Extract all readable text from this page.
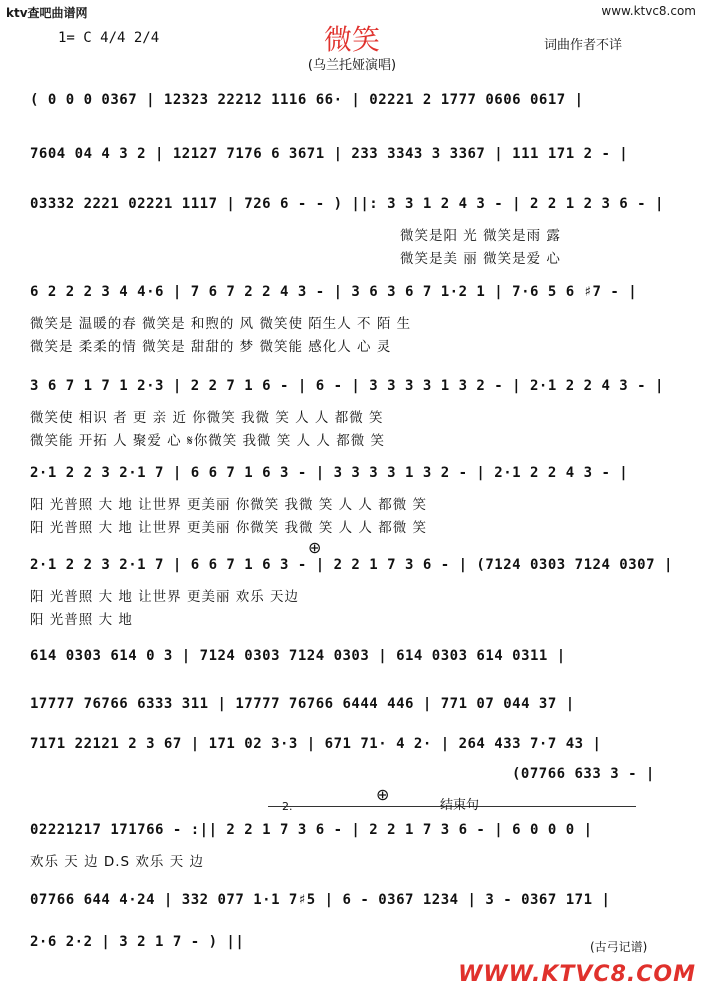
ktv查吧曲谱网	www.ktvc8.com
1= C 4/4 2/4	微笑
(乌兰托娅演唱)
词曲作者不详
( 0 0 0 0367 | 12323 22212 1116 66· | 02221 2 1777 0606 0617 |
7604 04 4 3 2 | 12127 7176 6 3671 | 233 3343 3 3367 | 111 171 2 - |
03332 2221 02221 1117 | 726 6 - - ) ||: 3 3 1 2 4 3 - | 2 2 1 2 3 6 - |
微笑是阳 光 微笑是雨 露
微笑是美 丽 微笑是爱 心
6 2 2 2 3 4 4·6 | 7 6 7 2 2 4 3 - | 3 6 3 6 7 1·2 1 | 7·6 5 6 ♯7 - |
微笑是 温暖的春 微笑是 和煦的 风 微笑使 陌生人 不 陌 生
微笑是 柔柔的情 微笑是 甜甜的 梦 微笑能 感化人 心 灵
3 6 7 1 7 1 2·3 | 2 2 7 1 6 - | 6 - | 3 3 3 3 1 3 2 - | 2·1 2 2 4 3 - |
微笑使 相识 者 更 亲 近 你微笑 我微 笑 人 人 都微 笑
微笑能 开拓 人 聚爱 心 𝄋你微笑 我微 笑 人 人 都微 笑
2·1 2 2 3 2·1 7 | 6 6 7 1 6 3 - | 3 3 3 3 1 3 2 - | 2·1 2 2 4 3 - |
阳 光普照 大 地 让世界 更美丽 你微笑 我微 笑 人 人 都微 笑
阳 光普照 大 地 让世界 更美丽 你微笑 我微 笑 人 人 都微 笑
2·1 2 2 3 2·1 7 | 6 6 7 1 6 3 - | 2 2 1 7 3 6 - | (7124 0303 7124 0307 |
阳 光普照 大 地 让世界 更美丽 欢乐 天边
阳 光普照 大 地
614 0303 614 0 3 | 7124 0303 7124 0303 | 614 0303 614 0311 |
17777 76766 6333 311 | 17777 76766 6444 446 | 771 07 044 37 |
7171 22121 2 3 67 | 171 02 3·3 | 671 71· 4 2· | 264 433 7·7 43 |
(07766 633 3 - |
02221217 171766 - :|| 2 2 1 7 3 6 - | 2 2 1 7 3 6 - | 6 0 0 0 |
欢乐 天 边 D.S 欢乐 天 边
07766 644 4·24 | 332 077 1·1 7♯5 | 6 - 0367 1234 | 3 - 0367 171 |
2·6 2·2 | 3 2 1 7 - ) ||
⊕
⊕
2.	结束句
(古弓记谱)
WWW.KTVC8.COM
